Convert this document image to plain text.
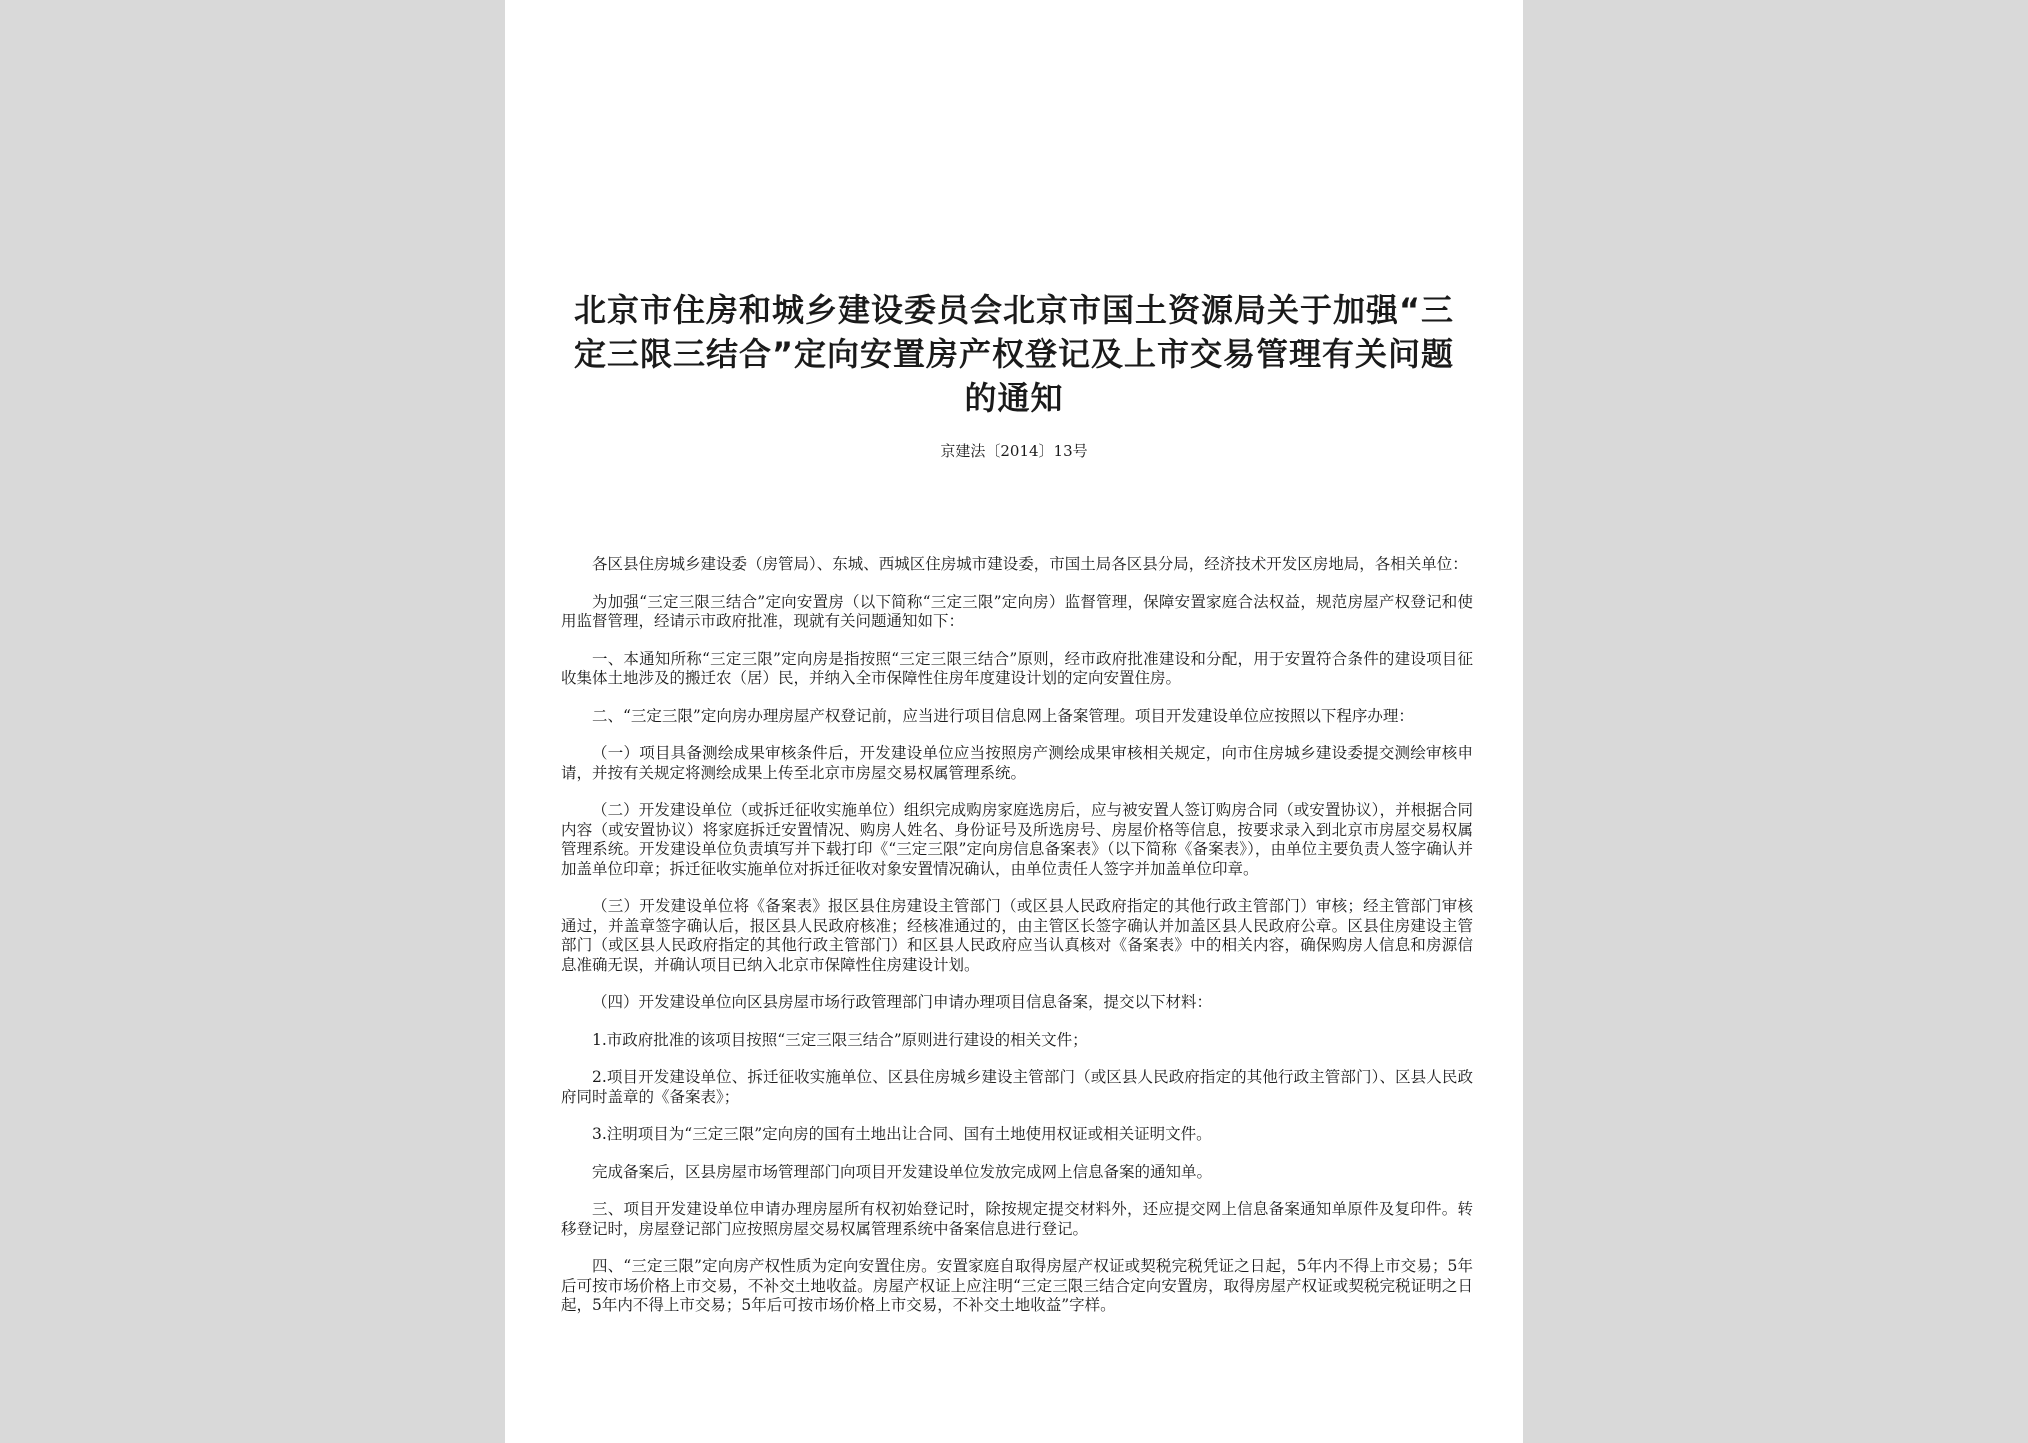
北京市住房和城乡建设委员会北京市国土资源局关于加强“三定三限三结合”定向安置房产权登记及上市交易管理有关问题的通知
京建法〔2014〕13号

各区县住房城乡建设委（房管局）、东城、西城区住房城市建设委，市国土局各区县分局，经济技术开发区房地局，各相关单位：

为加强“三定三限三结合”定向安置房（以下简称“三定三限”定向房）监督管理，保障安置家庭合法权益，规范房屋产权登记和使用监督管理，经请示市政府批准，现就有关问题通知如下：

一、本通知所称“三定三限”定向房是指按照“三定三限三结合”原则，经市政府批准建设和分配，用于安置符合条件的建设项目征收集体土地涉及的搬迁农（居）民，并纳入全市保障性住房年度建设计划的定向安置住房。

二、“三定三限”定向房办理房屋产权登记前，应当进行项目信息网上备案管理。项目开发建设单位应按照以下程序办理：

（一）项目具备测绘成果审核条件后，开发建设单位应当按照房产测绘成果审核相关规定，向市住房城乡建设委提交测绘审核申请，并按有关规定将测绘成果上传至北京市房屋交易权属管理系统。

（二）开发建设单位（或拆迁征收实施单位）组织完成购房家庭选房后，应与被安置人签订购房合同（或安置协议），并根据合同内容（或安置协议）将家庭拆迁安置情况、购房人姓名、身份证号及所选房号、房屋价格等信息，按要求录入到北京市房屋交易权属管理系统。开发建设单位负责填写并下载打印《“三定三限”定向房信息备案表》（以下简称《备案表》），由单位主要负责人签字确认并加盖单位印章；拆迁征收实施单位对拆迁征收对象安置情况确认，由单位责任人签字并加盖单位印章。

（三）开发建设单位将《备案表》报区县住房建设主管部门（或区县人民政府指定的其他行政主管部门）审核；经主管部门审核通过，并盖章签字确认后，报区县人民政府核准；经核准通过的，由主管区长签字确认并加盖区县人民政府公章。区县住房建设主管部门（或区县人民政府指定的其他行政主管部门）和区县人民政府应当认真核对《备案表》中的相关内容，确保购房人信息和房源信息准确无误，并确认项目已纳入北京市保障性住房建设计划。

（四）开发建设单位向区县房屋市场行政管理部门申请办理项目信息备案，提交以下材料：

1.市政府批准的该项目按照“三定三限三结合”原则进行建设的相关文件；

2.项目开发建设单位、拆迁征收实施单位、区县住房城乡建设主管部门（或区县人民政府指定的其他行政主管部门）、区县人民政府同时盖章的《备案表》；

3.注明项目为“三定三限”定向房的国有土地出让合同、国有土地使用权证或相关证明文件。

完成备案后，区县房屋市场管理部门向项目开发建设单位发放完成网上信息备案的通知单。

三、项目开发建设单位申请办理房屋所有权初始登记时，除按规定提交材料外，还应提交网上信息备案通知单原件及复印件。转移登记时，房屋登记部门应按照房屋交易权属管理系统中备案信息进行登记。

四、“三定三限”定向房产权性质为定向安置住房。安置家庭自取得房屋产权证或契税完税凭证之日起，5年内不得上市交易；5年后可按市场价格上市交易，不补交土地收益。房屋产权证上应注明“三定三限三结合定向安置房，取得房屋产权证或契税完税证明之日起，5年内不得上市交易；5年后可按市场价格上市交易，不补交土地收益”字样。
